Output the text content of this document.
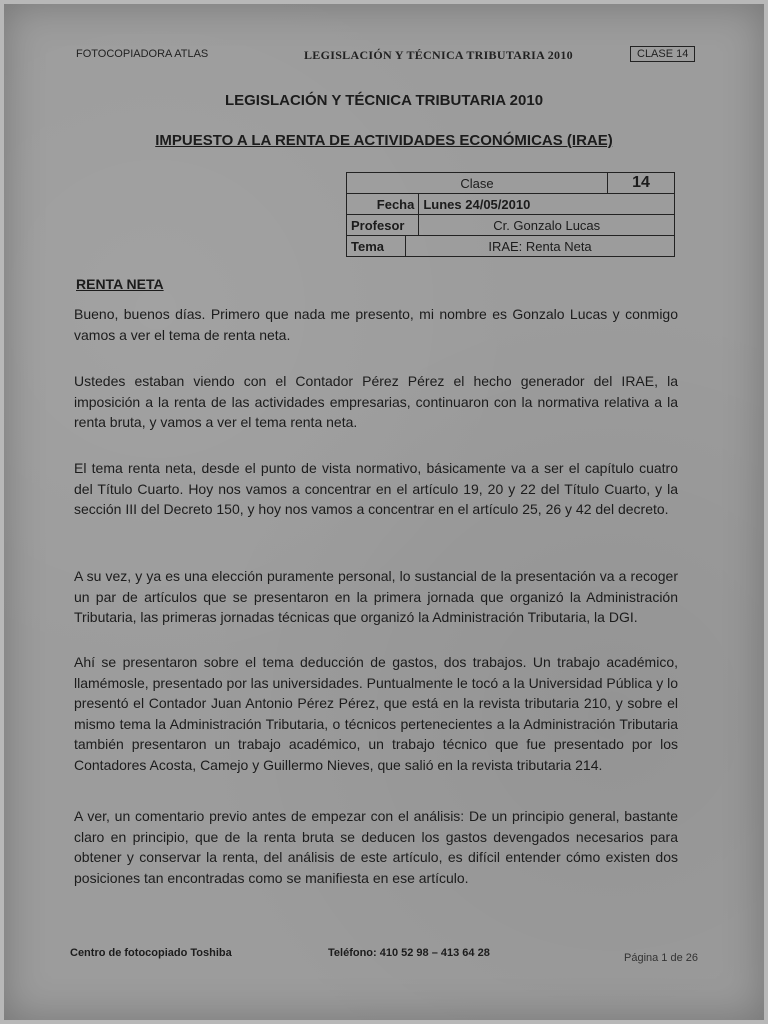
FOTOCOPIADORA ATLAS	LEGISLACIÓN Y TÉCNICA TRIBUTARIA 2010	CLASE 14
LEGISLACIÓN Y TÉCNICA TRIBUTARIA 2010
IMPUESTO A LA RENTA DE ACTIVIDADES ECONÓMICAS (IRAE)
Clase			14
Fecha		Lunes 24/05/2010	
Profesor		Cr. Gonzalo Lucas	
Tema	IRAE: Renta Neta		
RENTA NETA

Bueno, buenos días. Primero que nada me presento, mi nombre es Gonzalo Lucas y conmigo vamos a ver el tema de renta neta.

Ustedes estaban viendo con el Contador Pérez Pérez el hecho generador del IRAE, la imposición a la renta de las actividades empresarias, continuaron con la normativa relativa a la renta bruta, y vamos a ver el tema renta neta.

El tema renta neta, desde el punto de vista normativo, básicamente va a ser el capítulo cuatro del Título Cuarto. Hoy nos vamos a concentrar en el artículo 19, 20 y 22 del Título Cuarto, y la sección III del Decreto 150, y hoy nos vamos a concentrar en el artículo 25, 26 y 42 del decreto.

A su vez, y ya es una elección puramente personal, lo sustancial de la presentación va a recoger un par de artículos que se presentaron en la primera jornada que organizó la Administración Tributaria, las primeras jornadas técnicas que organizó la Administración Tributaria, la DGI.

Ahí se presentaron sobre el tema deducción de gastos, dos trabajos. Un trabajo académico, llamémosle, presentado por las universidades. Puntualmente le tocó a la Universidad Pública y lo presentó el Contador Juan Antonio Pérez Pérez, que está en la revista tributaria 210, y sobre el mismo tema la Administración Tributaria, o técnicos pertenecientes a la Administración Tributaria también presentaron un trabajo académico, un trabajo técnico que fue presentado por los Contadores Acosta, Camejo y Guillermo Nieves, que salió en la revista tributaria 214.

A ver, un comentario previo antes de empezar con el análisis: De un principio general, bastante claro en principio, que de la renta bruta se deducen los gastos devengados necesarios para obtener y conservar la renta, del análisis de este artículo, es difícil entender cómo existen dos posiciones tan encontradas como se manifiesta en ese artículo.

Centro de fotocopiado Toshiba	Teléfono: 410 52 98 – 413 64 28	Página 1 de 26
